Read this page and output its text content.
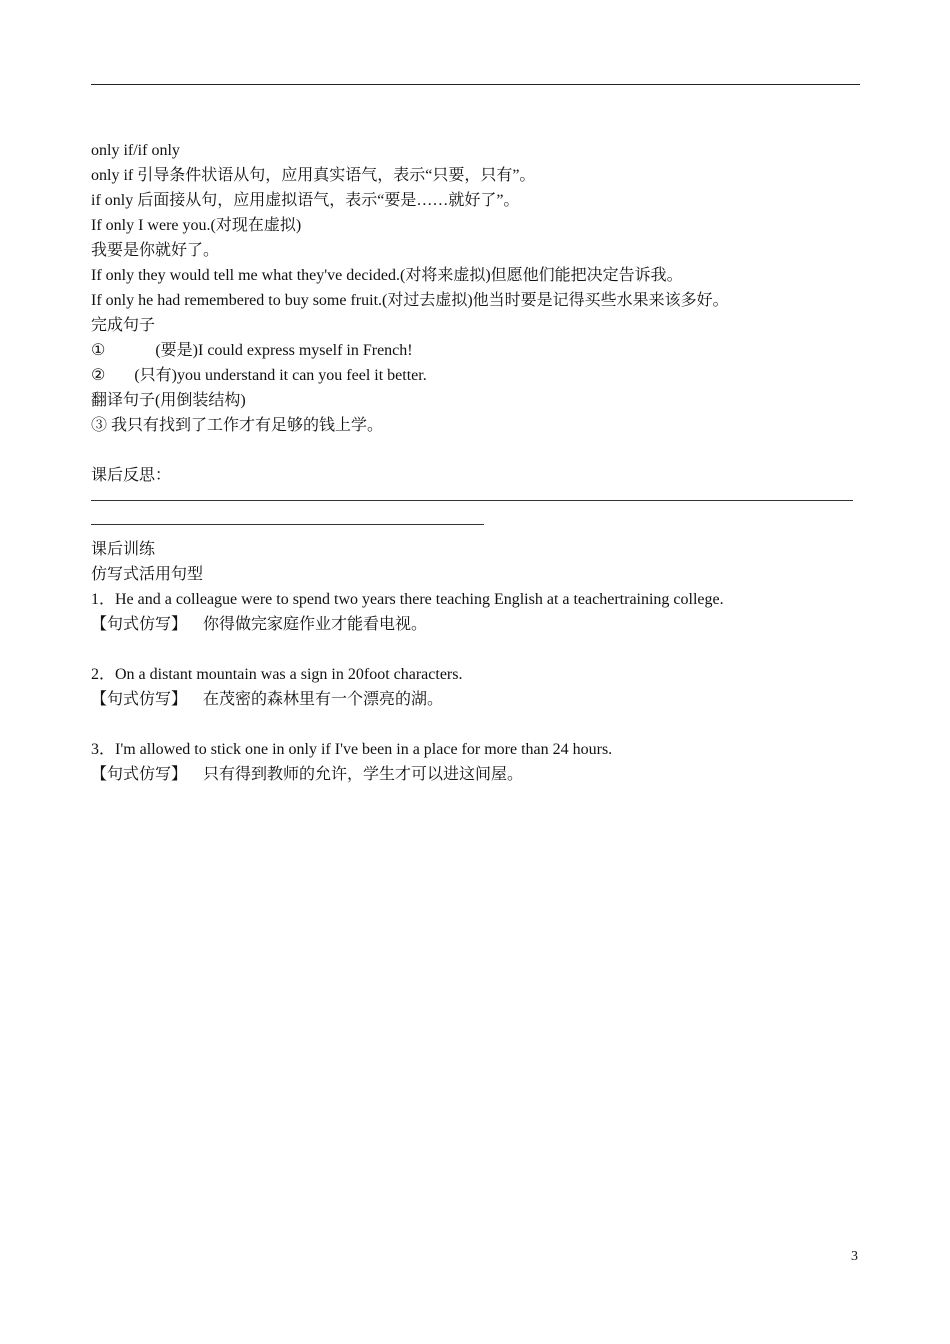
only if/if only
only if 引导条件状语从句，应用真实语气，表示“只要，只有”。
if only 后面接从句，应用虚拟语气，表示“要是……就好了”。
If only I were you.(对现在虚拟)
我要是你就好了。
If only they would tell me what they've decided.(对将来虚拟)但愿他们能把决定告诉我。
If only he had remembered to buy some fruit.(对过去虚拟)他当时要是记得买些水果来该多好。
完成句子
①	(要是)I could express myself in French!
② (只有)you understand it can you feel it better.
翻译句子(用倒装结构)
③ 我只有找到了工作才有足够的钱上学。
课后反思：
课后训练
仿写式活用句型
1．He and a colleague were to spend two years there teaching English at a teachertraining college.
【句式仿写】 你得做完家庭作业才能看电视。
2．On a distant mountain was a sign in 20foot characters.
【句式仿写】 在茂密的森林里有一个漂亮的湖。
3．I'm allowed to stick one in only if I've been in a place for more than 24 hours.
【句式仿写】 只有得到教师的允许，学生才可以进这间屋。
3
